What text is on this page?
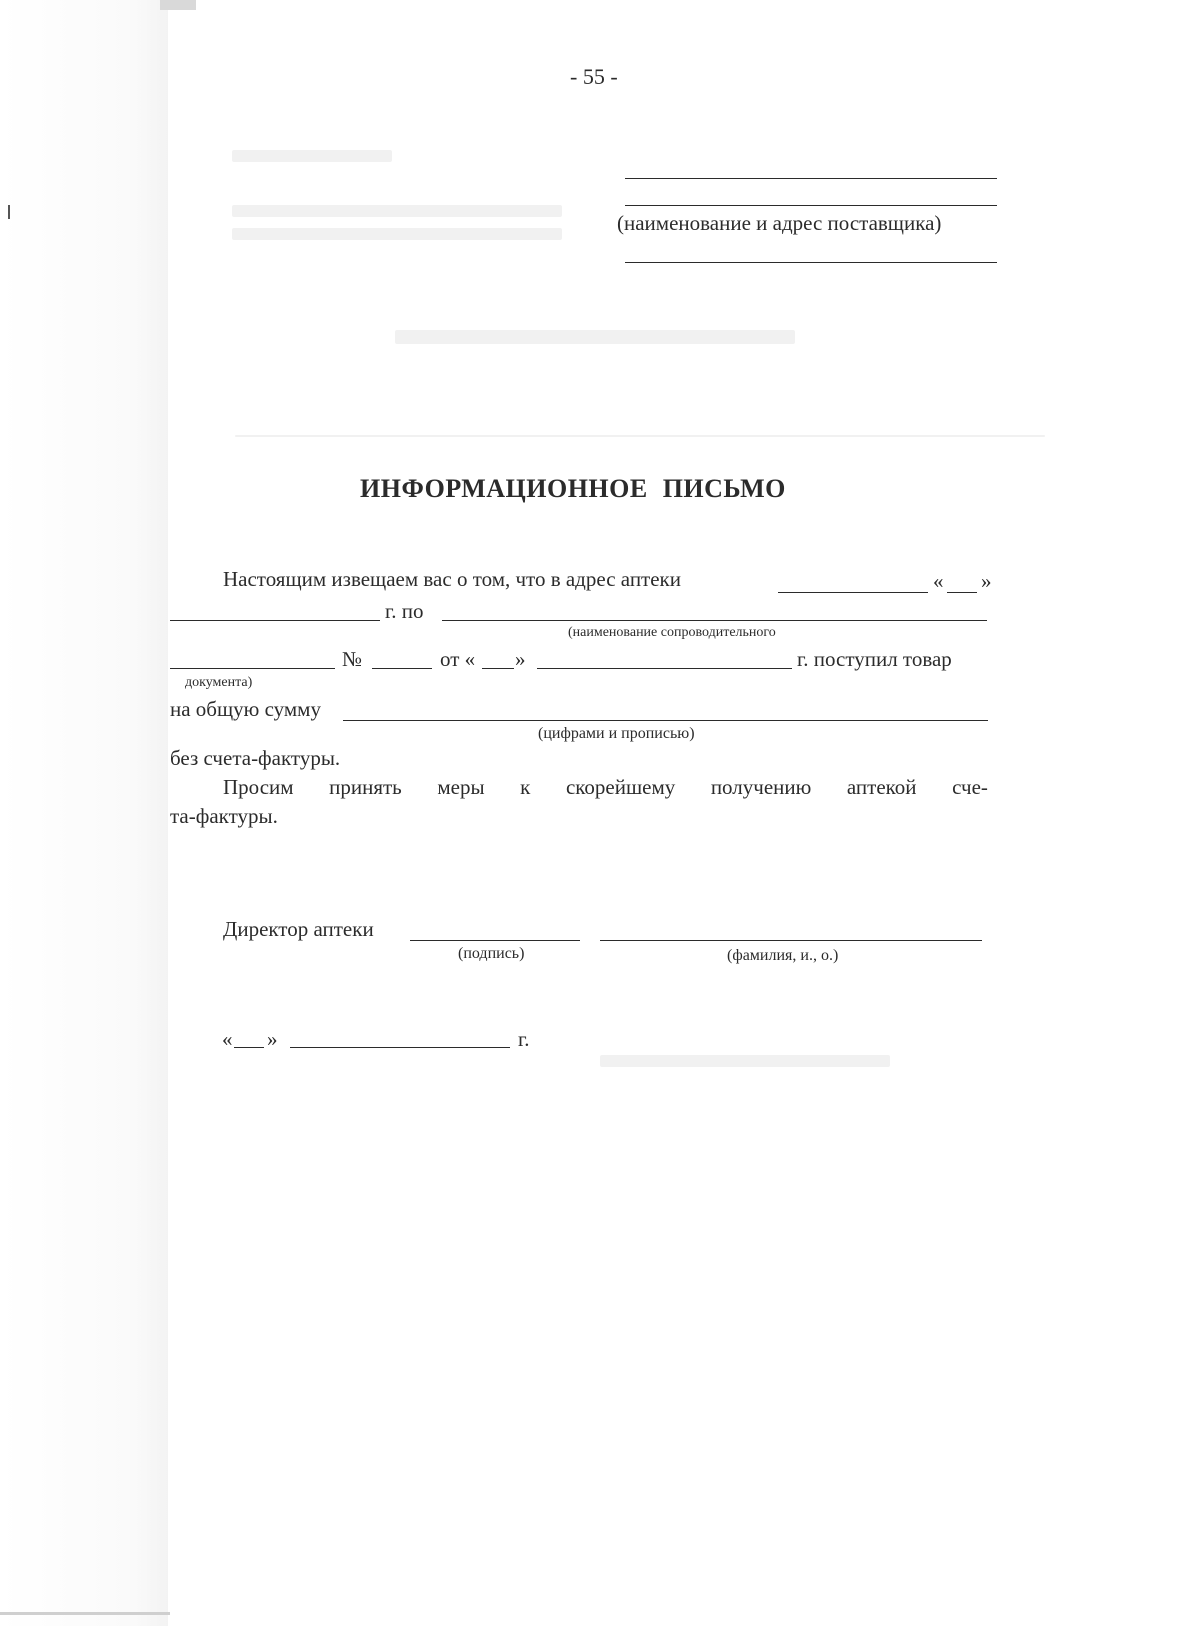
- 55 -
(наименование и адрес поставщика)
ИНФОРМАЦИОННОЕ ПИСЬМО
Настоящим извещаем вас о том, что в адрес аптеки	« »
г. по
(наименование сопроводительного
№	от « »	г. поступил товар
документа)
на общую сумму
(цифрами и прописью)
без счета-фактуры.
Просим принять меры к скорейшему получению аптекой сче-
та-фактуры.
Директор аптеки
(подпись)	(фамилия, и., о.)
« »	г.
